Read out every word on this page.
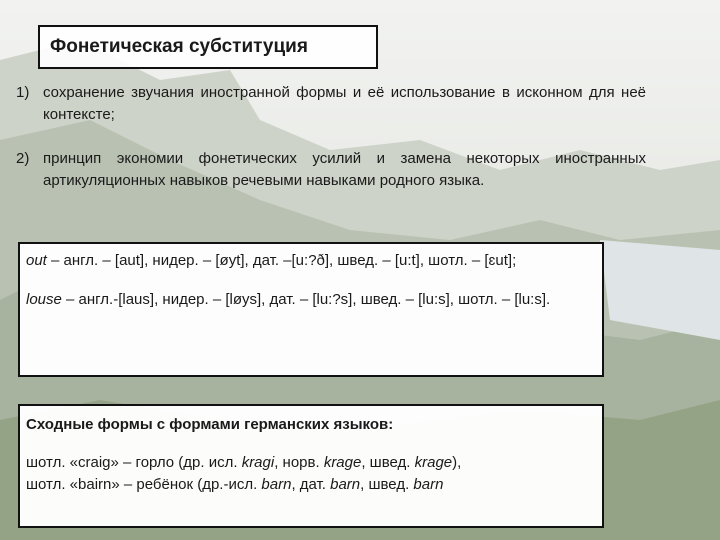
Фонетическая субституция
1) сохранение звучания иностранной формы и её использование в исконном для неё контексте;
2) принцип экономии фонетических усилий и замена некоторых иностранных артикуляционных навыков речевыми навыками родного языка.

out – англ. – [aut], нидер. – [øyt], дат. –[u:?ð], швед. – [u:t], шотл. – [ɛut];

louse – англ.-[laus], нидер. – [løys], дат. – [lu:?s], швед. – [lu:s], шотл. – [lu:s].

Сходные формы с формами германских языков:

шотл. «craig» – горло (др. исл. kragi, норв. krage, швед. krage),

шотл. «bairn» – ребёнок (др.-исл. barn, дат. barn, швед. barn
